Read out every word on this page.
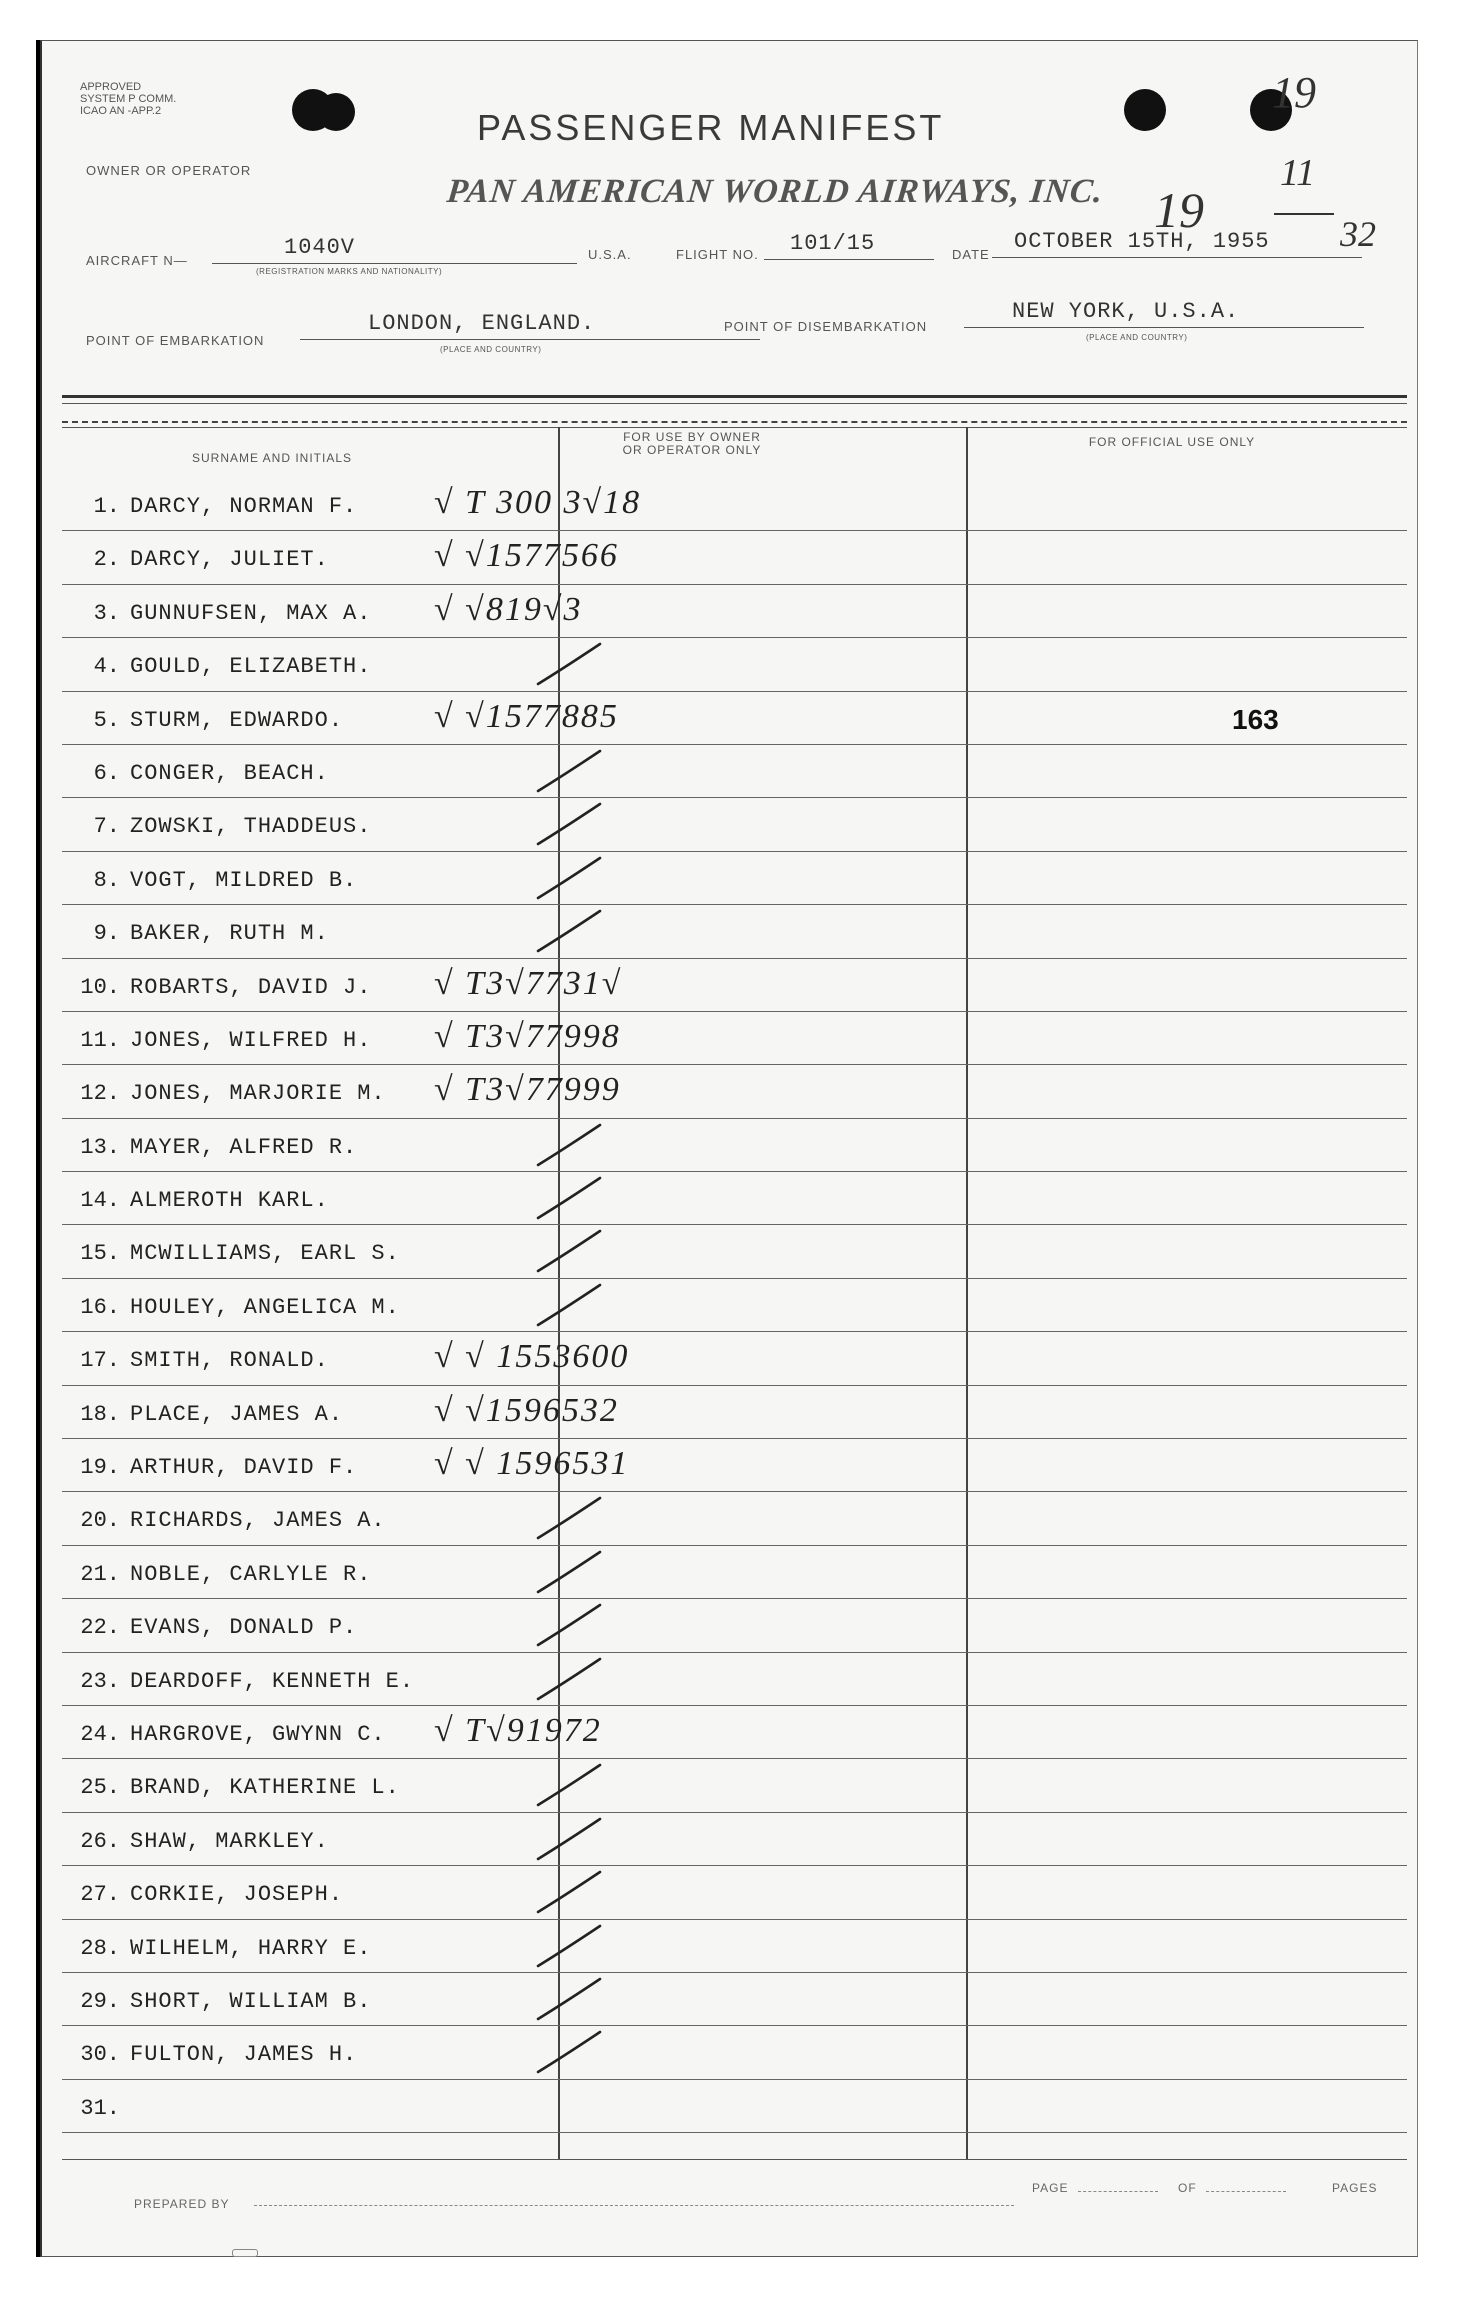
APPROVED
SYSTEM P COMM.
ICAO AN -APP.2	PASSENGER MANIFEST
PAN AMERICAN WORLD AIRWAYS, INC.
OWNER OR OPERATOR
19
19
11
32
AIRCRAFT N—
1040V
(REGISTRATION MARKS AND NATIONALITY)
U.S.A.	FLIGHT NO. 101/15	DATE
OCTOBER 15TH, 1955
POINT OF EMBARKATION
LONDON, ENGLAND.
(PLACE AND COUNTRY)
POINT OF DISEMBARKATION
NEW YORK, U.S.A.
(PLACE AND COUNTRY)
SURNAME AND INITIALS
FOR USE BY OWNER
OR OPERATOR ONLY
FOR OFFICIAL USE ONLY
1. DARCY, NORMAN F. √ T 300 3√18
2. DARCY, JULIET.	√ √1577566
3. GUNNUFSEN, MAX A. √ √819√3
4. GOULD, ELIZABETH.
5. STURM, EDWARDO.	√ √1577885	163
6. CONGER, BEACH.
7. ZOWSKI, THADDEUS.
8. VOGT, MILDRED B.
9. BAKER, RUTH M.
10. ROBARTS, DAVID J. √ T3√7731√
11. JONES, WILFRED H. √ T3√77998
12. JONES, MARJORIE M. √ T3√77999
13. MAYER, ALFRED R.
14. ALMEROTH KARL.
15. MCWILLIAMS, EARL S.
16. HOULEY, ANGELICA M.
17. SMITH, RONALD.	√ √ 1553600
18. PLACE, JAMES A.	√ √1596532
19. ARTHUR, DAVID F. √ √ 1596531
20. RICHARDS, JAMES A.
21. NOBLE, CARLYLE R.
22. EVANS, DONALD P.
23. DEARDOFF, KENNETH E.
24. HARGROVE, GWYNN C. √ T√91972
25. BRAND, KATHERINE L.
26. SHAW, MARKLEY.
27. CORKIE, JOSEPH.
28. WILHELM, HARRY E.
29. SHORT, WILLIAM B.
30. FULTON, JAMES H.
31.
PREPARED BY
PAGE	OF	PAGES
